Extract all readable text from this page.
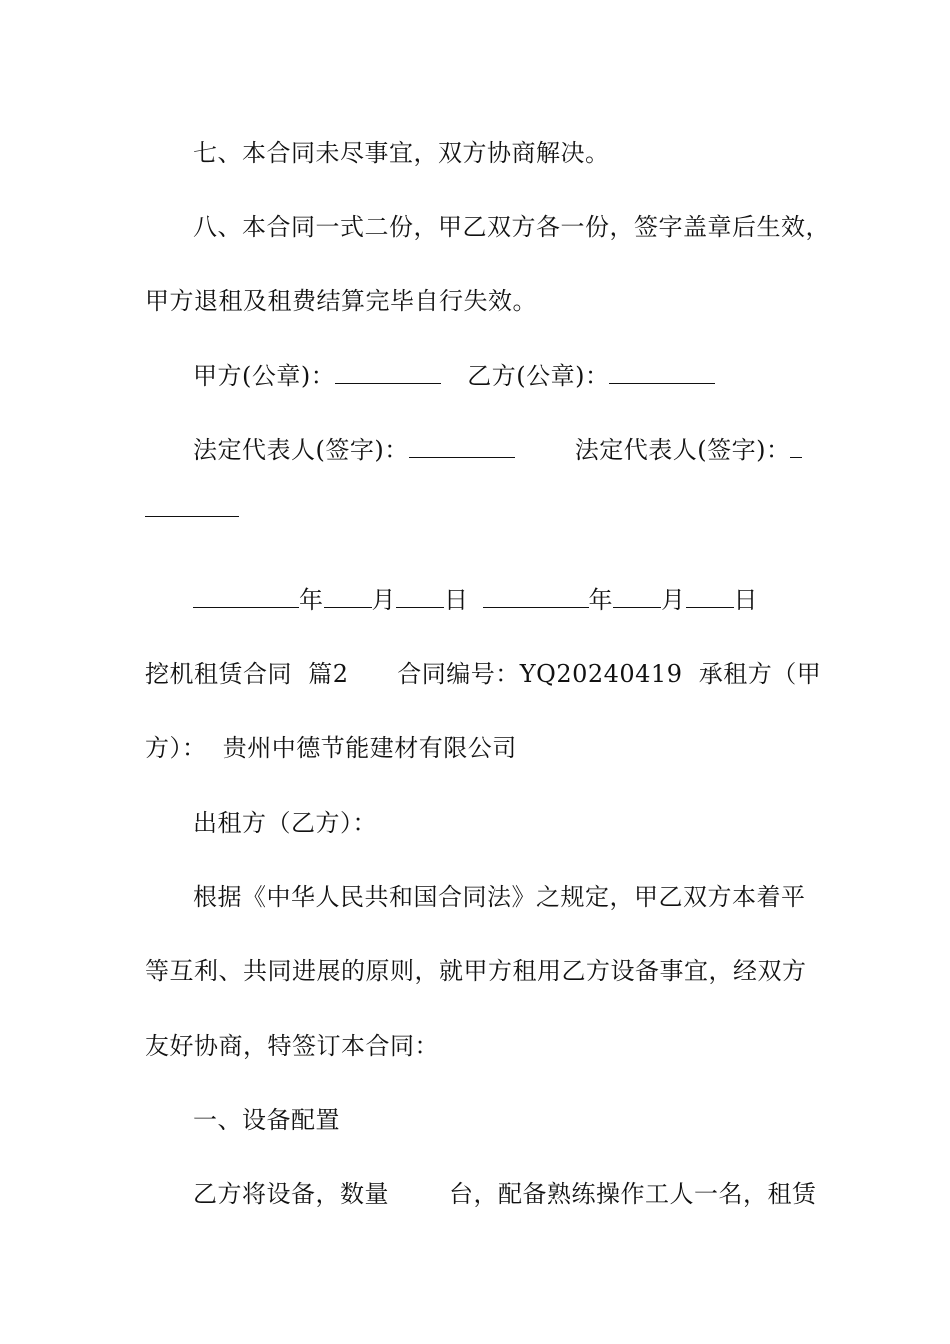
七、本合同未尽事宜，双方协商解决。
八、本合同一式二份，甲乙双方各一份，签字盖章后生效，
甲方退租及租费结算完毕自行失效。
甲方(公章)：	乙方(公章)：
法定代表人(签字)：	法定代表人(签字)：
年 月 日	年 月 日
挖机租赁合同  篇2      合同编号：YQ20240419  承租方（甲
方）：  贵州中德节能建材有限公司
出租方（乙方）：
根据《中华人民共和国合同法》之规定，甲乙双方本着平
等互利、共同进展的原则，就甲方租用乙方设备事宜，经双方
友好协商，特签订本合同：
一、设备配置
乙方将设备，数量	台，配备熟练操作工人一名，租赁
